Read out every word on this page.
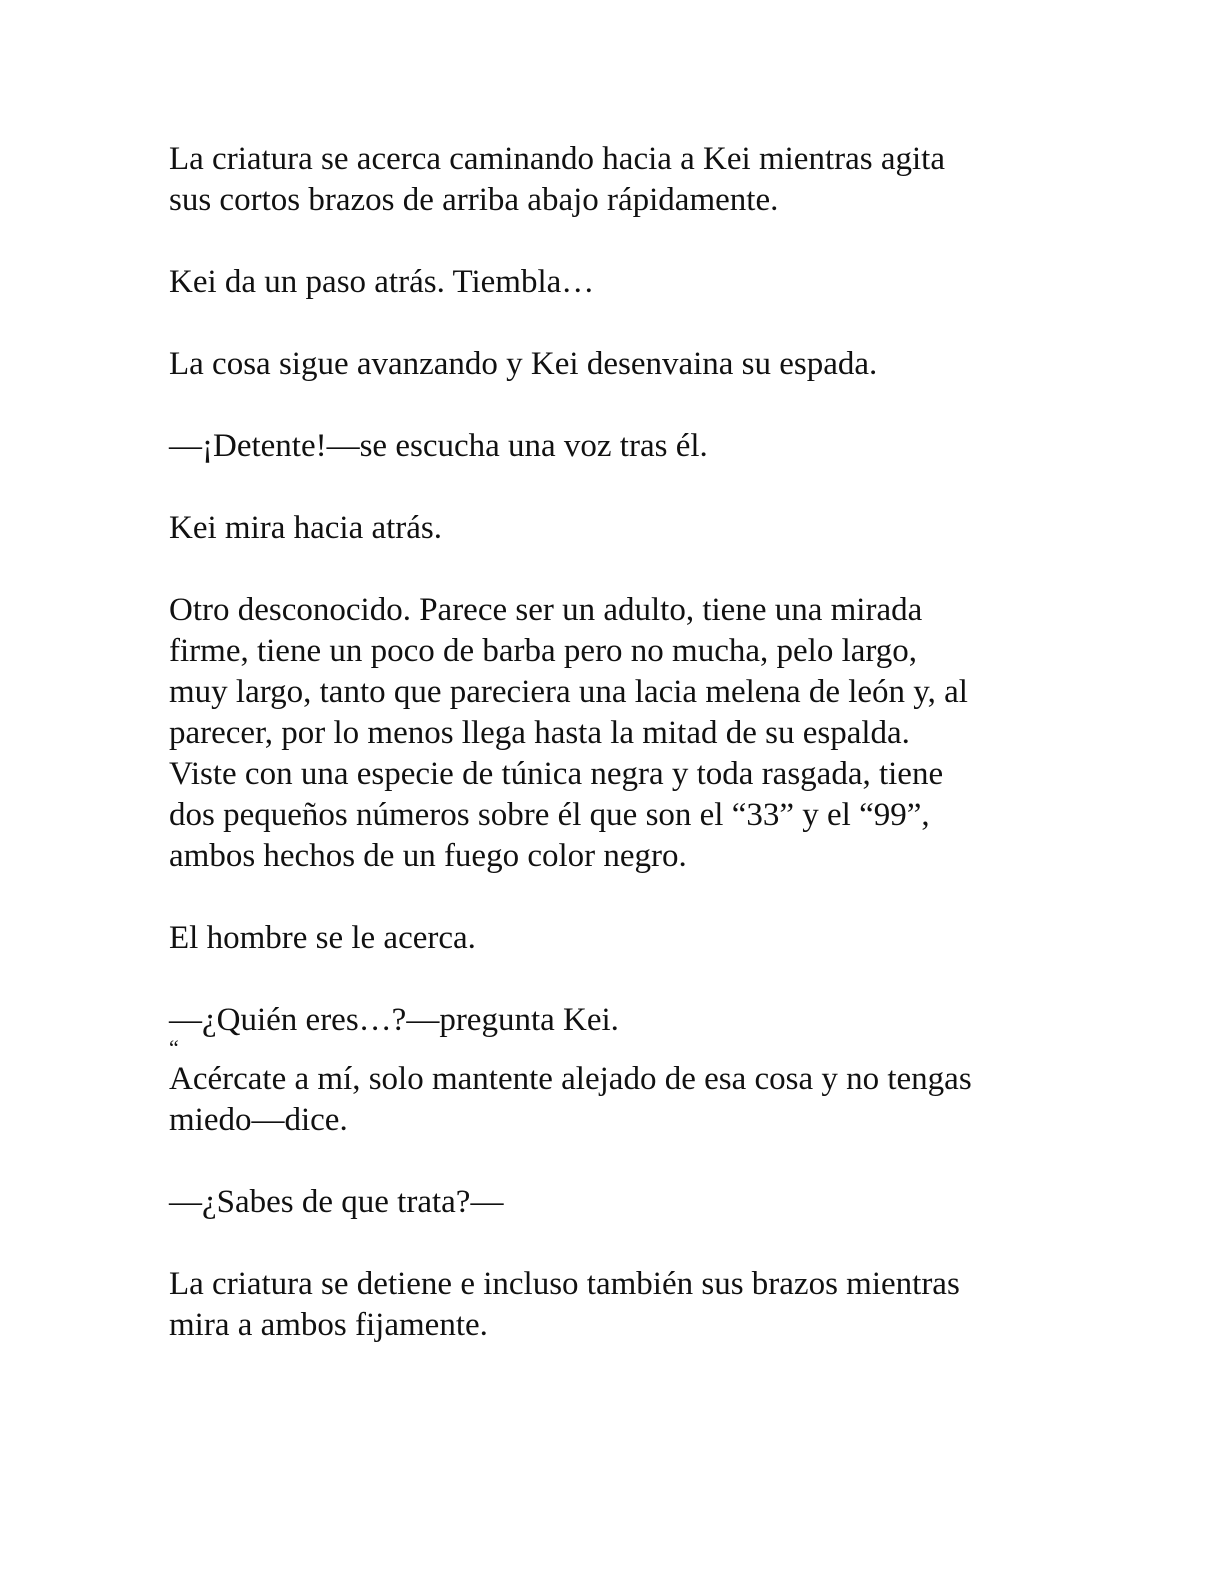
La criatura se acerca caminando hacia a Kei mientras agita
sus cortos brazos de arriba abajo rápidamente.

Kei da un paso atrás. Tiembla…

La cosa sigue avanzando y Kei desenvaina su espada.

—¡Detente!—se escucha una voz tras él.

Kei mira hacia atrás.

Otro desconocido. Parece ser un adulto, tiene una mirada
firme, tiene un poco de barba pero no mucha, pelo largo,
muy largo, tanto que pareciera una lacia melena de león y, al
parecer, por lo menos llega hasta la mitad de su espalda.
Viste con una especie de túnica negra y toda rasgada, tiene
dos pequeños números sobre él que son el “33” y el “99”,
ambos hechos de un fuego color negro.

El hombre se le acerca.

—¿Quién eres…?—pregunta Kei.
“

Acércate a mí, solo mantente alejado de esa cosa y no tengas
miedo—dice.

—¿Sabes de que trata?—

La criatura se detiene e incluso también sus brazos mientras
mira a ambos fijamente.
